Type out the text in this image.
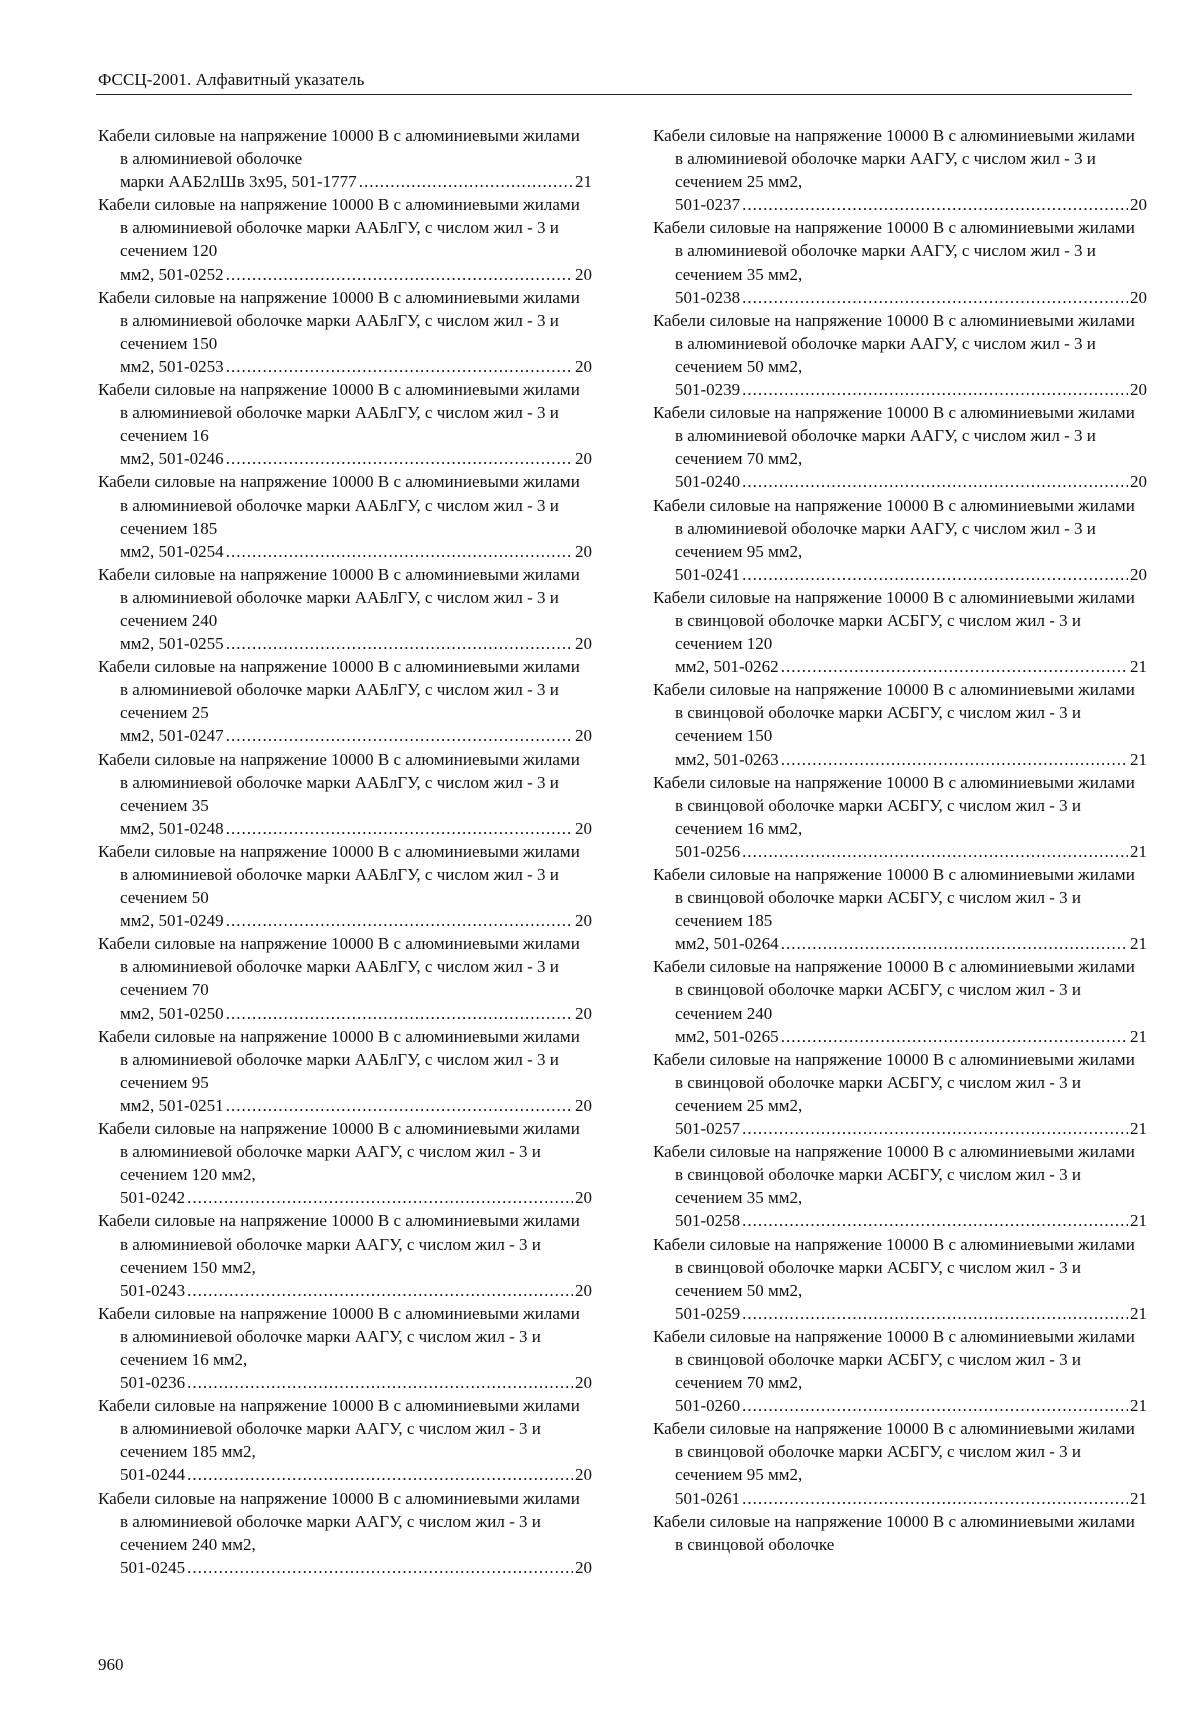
ФССЦ-2001. Алфавитный указатель
Кабели силовые на напряжение 10000 В с алюминиевыми жилами в алюминиевой оболочке
марки ААБ2лШв 3х95, 501-1777 .....	21
Кабели силовые на напряжение 10000 В с алюминиевыми жилами в алюминиевой оболочке марки ААБлГУ, с числом жил - 3 и сечением 120
мм2, 501-0252 .....	20
Кабели силовые на напряжение 10000 В с алюминиевыми жилами в алюминиевой оболочке марки ААБлГУ, с числом жил - 3 и сечением 150
мм2, 501-0253 .....	20
Кабели силовые на напряжение 10000 В с алюминиевыми жилами в алюминиевой оболочке марки ААБлГУ, с числом жил - 3 и сечением 16
мм2, 501-0246 .....	20
Кабели силовые на напряжение 10000 В с алюминиевыми жилами в алюминиевой оболочке марки ААБлГУ, с числом жил - 3 и сечением 185
мм2, 501-0254 .....	20
Кабели силовые на напряжение 10000 В с алюминиевыми жилами в алюминиевой оболочке марки ААБлГУ, с числом жил - 3 и сечением 240
мм2, 501-0255 .....	20
Кабели силовые на напряжение 10000 В с алюминиевыми жилами в алюминиевой оболочке марки ААБлГУ, с числом жил - 3 и сечением 25
мм2, 501-0247 .....	20
Кабели силовые на напряжение 10000 В с алюминиевыми жилами в алюминиевой оболочке марки ААБлГУ, с числом жил - 3 и сечением 35
мм2, 501-0248 .....	20
Кабели силовые на напряжение 10000 В с алюминиевыми жилами в алюминиевой оболочке марки ААБлГУ, с числом жил - 3 и сечением 50
мм2, 501-0249 .....	20
Кабели силовые на напряжение 10000 В с алюминиевыми жилами в алюминиевой оболочке марки ААБлГУ, с числом жил - 3 и сечением 70
мм2, 501-0250 .....	20
Кабели силовые на напряжение 10000 В с алюминиевыми жилами в алюминиевой оболочке марки ААБлГУ, с числом жил - 3 и сечением 95
мм2, 501-0251 .....	20
Кабели силовые на напряжение 10000 В с алюминиевыми жилами в алюминиевой оболочке марки ААГУ, с числом жил - 3 и сечением 120 мм2,
501-0242 .....	20
Кабели силовые на напряжение 10000 В с алюминиевыми жилами в алюминиевой оболочке марки ААГУ, с числом жил - 3 и сечением 150 мм2,
501-0243 .....	20
Кабели силовые на напряжение 10000 В с алюминиевыми жилами в алюминиевой оболочке марки ААГУ, с числом жил - 3 и сечением 16 мм2,
501-0236 .....	20
Кабели силовые на напряжение 10000 В с алюминиевыми жилами в алюминиевой оболочке марки ААГУ, с числом жил - 3 и сечением 185 мм2,
501-0244 .....	20
Кабели силовые на напряжение 10000 В с алюминиевыми жилами в алюминиевой оболочке марки ААГУ, с числом жил - 3 и сечением 240 мм2,
501-0245 .....	20
Кабели силовые на напряжение 10000 В с алюминиевыми жилами в алюминиевой оболочке марки ААГУ, с числом жил - 3 и сечением 25 мм2,
501-0237 .....	20
Кабели силовые на напряжение 10000 В с алюминиевыми жилами в алюминиевой оболочке марки ААГУ, с числом жил - 3 и сечением 35 мм2,
501-0238 .....	20
Кабели силовые на напряжение 10000 В с алюминиевыми жилами в алюминиевой оболочке марки ААГУ, с числом жил - 3 и сечением 50 мм2,
501-0239 .....	20
Кабели силовые на напряжение 10000 В с алюминиевыми жилами в алюминиевой оболочке марки ААГУ, с числом жил - 3 и сечением 70 мм2,
501-0240 .....	20
Кабели силовые на напряжение 10000 В с алюминиевыми жилами в алюминиевой оболочке марки ААГУ, с числом жил - 3 и сечением 95 мм2,
501-0241 .....	20
Кабели силовые на напряжение 10000 В с алюминиевыми жилами в свинцовой оболочке марки АСБГУ, с числом жил - 3 и сечением 120
мм2, 501-0262 .....	21
Кабели силовые на напряжение 10000 В с алюминиевыми жилами в свинцовой оболочке марки АСБГУ, с числом жил - 3 и сечением 150
мм2, 501-0263 .....	21
Кабели силовые на напряжение 10000 В с алюминиевыми жилами в свинцовой оболочке марки АСБГУ, с числом жил - 3 и сечением 16 мм2,
501-0256 .....	21
Кабели силовые на напряжение 10000 В с алюминиевыми жилами в свинцовой оболочке марки АСБГУ, с числом жил - 3 и сечением 185
мм2, 501-0264 .....	21
Кабели силовые на напряжение 10000 В с алюминиевыми жилами в свинцовой оболочке марки АСБГУ, с числом жил - 3 и сечением 240
мм2, 501-0265 .....	21
Кабели силовые на напряжение 10000 В с алюминиевыми жилами в свинцовой оболочке марки АСБГУ, с числом жил - 3 и сечением 25 мм2,
501-0257 .....	21
Кабели силовые на напряжение 10000 В с алюминиевыми жилами в свинцовой оболочке марки АСБГУ, с числом жил - 3 и сечением 35 мм2,
501-0258 .....	21
Кабели силовые на напряжение 10000 В с алюминиевыми жилами в свинцовой оболочке марки АСБГУ, с числом жил - 3 и сечением 50 мм2,
501-0259 .....	21
Кабели силовые на напряжение 10000 В с алюминиевыми жилами в свинцовой оболочке марки АСБГУ, с числом жил - 3 и сечением 70 мм2,
501-0260 .....	21
Кабели силовые на напряжение 10000 В с алюминиевыми жилами в свинцовой оболочке марки АСБГУ, с числом жил - 3 и сечением 95 мм2,
501-0261 .....	21
Кабели силовые на напряжение 10000 В с алюминиевыми жилами в свинцовой оболочке
960
